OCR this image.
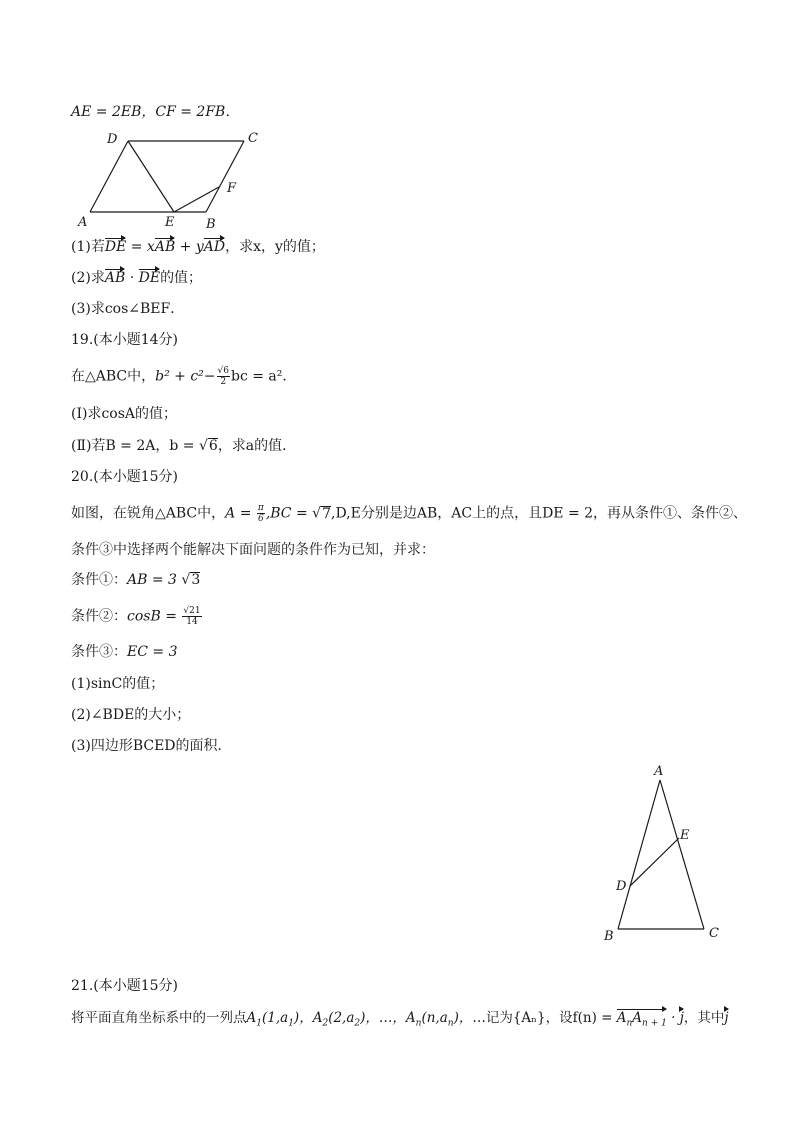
AE = 2EB，CF = 2FB．
D	C
F
A	E B
(1)若DE = xAB + yAD，求x，y的值；
(2)求AB · DE的值；
(3)求cos∠BEF．
19.(本小题14分)
在△ABC中，$b^2 + c^2- \frac{√6}{2}$ bc = a²．
(Ⅰ)求cosA的值；
(Ⅱ)若B = 2A，b = √6，求a的值．
20.(本小题15分)
如图，在锐角△ABC中，$A = \frac{\pi}{6} ,BC = √7,D,E$分别是边AB，AC上的点，且DE = 2，再从条件①、条件②、
条件③中选择两个能解决下面问题的条件作为已知，并求：
条件①：AB = 3 √3
条件②：$\cos B = \frac{√21}{14}$
条件③：EC = 3
(1)sinC的值；
(2)∠BDE的大小；
(3)四边形BCED的面积．
A
E
D
B	C
21.(本小题15分)
将平面直角坐标系中的一列点$A_1(1,a_1)$，$A_2(2,a_2)$，…，$A_n(n,a_n)$，…记为{Aₙ}，设$f(n) = A_nA_{n + 1} \cdot j$，其中j
